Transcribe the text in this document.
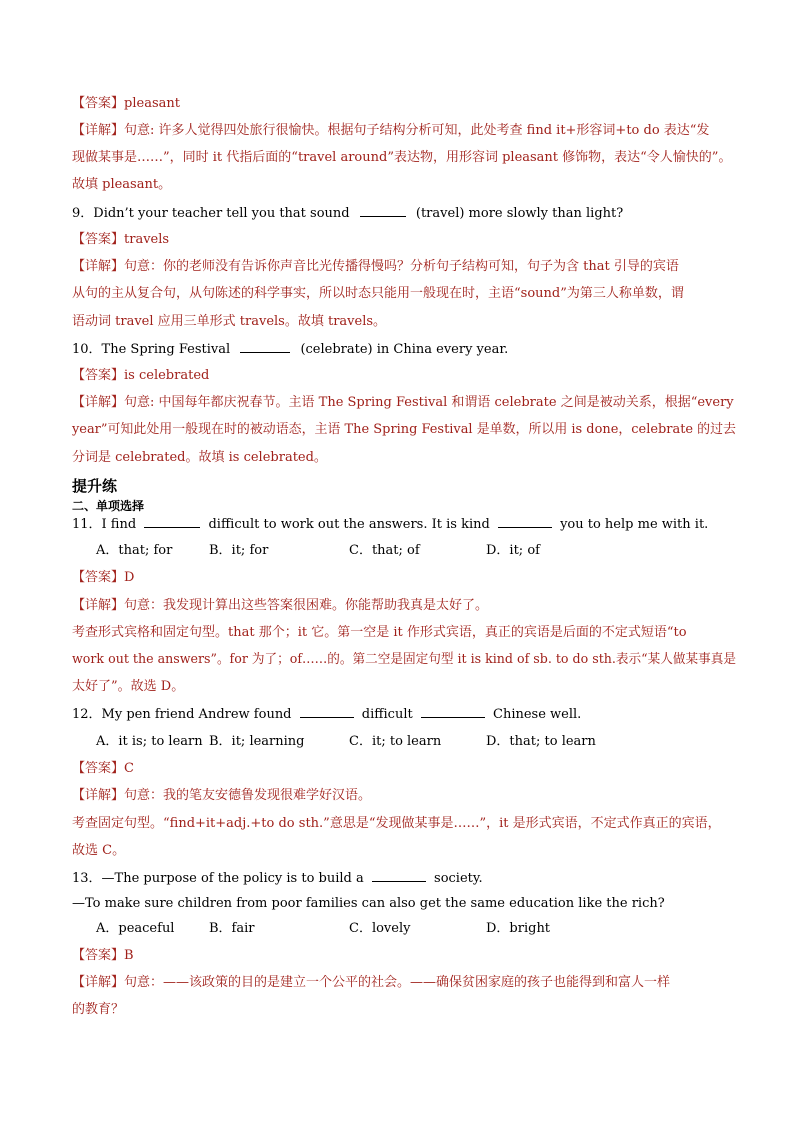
【答案】pleasant
【详解】句意: 许多人觉得四处旅行很愉快。根据句子结构分析可知，此处考查 find it+形容词+to do 表达“发
现做某事是……”，同时 it 代指后面的“travel around”表达物，用形容词 pleasant 修饰物，表达“令人愉快的”。
故填 pleasant。
9．Didn’t your teacher tell you that sound	(travel) more slowly than light?
【答案】travels
【详解】句意：你的老师没有告诉你声音比光传播得慢吗？分析句子结构可知，句子为含 that 引导的宾语
从句的主从复合句，从句陈述的科学事实，所以时态只能用一般现在时，主语“sound”为第三人称单数，谓
语动词 travel 应用三单形式 travels。故填 travels。
10．The Spring Festival	(celebrate) in China every year.
【答案】is celebrated
【详解】句意: 中国每年都庆祝春节。主语 The Spring Festival 和谓语 celebrate 之间是被动关系，根据“every
year”可知此处用一般现在时的被动语态，主语 The Spring Festival 是单数，所以用 is done，celebrate 的过去
分词是 celebrated。故填 is celebrated。
提升练
二、单项选择
11．I find	difficult to work out the answers. It is kind	you to help me with it.
A．that; for	B．it; for	C．that; of	D．it; of
【答案】D
【详解】句意：我发现计算出这些答案很困难。你能帮助我真是太好了。
考查形式宾格和固定句型。that 那个；it 它。第一空是 it 作形式宾语，真正的宾语是后面的不定式短语“to
work out the answers”。for 为了；of……的。第二空是固定句型 it is kind of sb. to do sth.表示“某人做某事真是
太好了”。故选 D。
12．My pen friend Andrew found	difficult	Chinese well.
A．it is; to learn B．it; learning	C．it; to learn	D．that; to learn
【答案】C
【详解】句意：我的笔友安德鲁发现很难学好汉语。
考查固定句型。“find+it+adj.+to do sth.”意思是“发现做某事是……”，it 是形式宾语，不定式作真正的宾语，
故选 C。
13．—The purpose of the policy is to build a	society.
—To make sure children from poor families can also get the same education like the rich?
A．peaceful	B．fair	C．lovely	D．bright
【答案】B
【详解】句意：——该政策的目的是建立一个公平的社会。——确保贫困家庭的孩子也能得到和富人一样
的教育？
